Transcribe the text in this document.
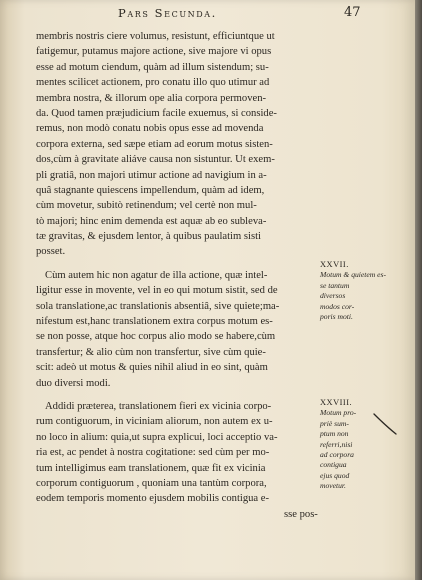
Pars Secunda.	47
membris nostris ciere volumus, resistunt, efficiuntque ut
fatigemur, putamus majore actione, sive majore vi opus
esse ad motum ciendum, quàm ad illum sistendum; su-
mentes scilicet actionem, pro conatu illo quo utimur ad
membra nostra, & illorum ope alia corpora permoven-
da. Quod tamen præjudicium facile exuemus, si conside-
remus, non modò conatu nobis opus esse ad movenda
corpora externa, sed sæpe etiam ad eorum motus sisten-
dos,cùm à gravitate aliáve causa non sistuntur. Ut exem-
pli gratiâ, non majori utimur actione ad navigium in a-
quâ stagnante quiescens impellendum, quàm ad idem,
cùm movetur, subitò retinendum; vel certè non mul-
tò majori; hinc enim demenda est aquæ ab eo sublevа-
tæ gravitas, & ejusdem lentor, à quibus paulatim sisti
posset.
Cùm autem hic non agatur de illa actione, quæ intel-
ligitur esse in movente, vel in eo qui motum sistit, sed de
sola translatione,ac translationis absentiâ, sive quiete;ma-
nifestum est,hanc translationem extra corpus motum es-
se non posse, atque hoc corpus alio modo se habere,cùm
transfertur; & alio cùm non transfertur, sive cùm quie-
scit: adeò ut motus & quies nihil aliud in eo sint, quàm
duo diversi modi.
Addidi præterea, translationem fieri ex vicinia corpo-
rum contiguorum, in viciniam aliorum, non autem ex u-
no loco in alium: quia,ut supra explicui, loci acceptio va-
ria est, ac pendet à nostra cogitatione: sed cùm per mo-
tum intelligimus eam translationem, quæ fit ex vicinia
corporum contiguorum , quoniam una tantùm corpora,
eodem temporis momento ejusdem mobilis contigua e-
sse pos-
XXVII.
Motum & quietem es-
se tantum
diversos
modos cor-
poris moti.
XXVIII.
Motum pro-
priè sum-
ptum non
referri,nisi
ad corpora
contigua
ejus quod
movetur.
